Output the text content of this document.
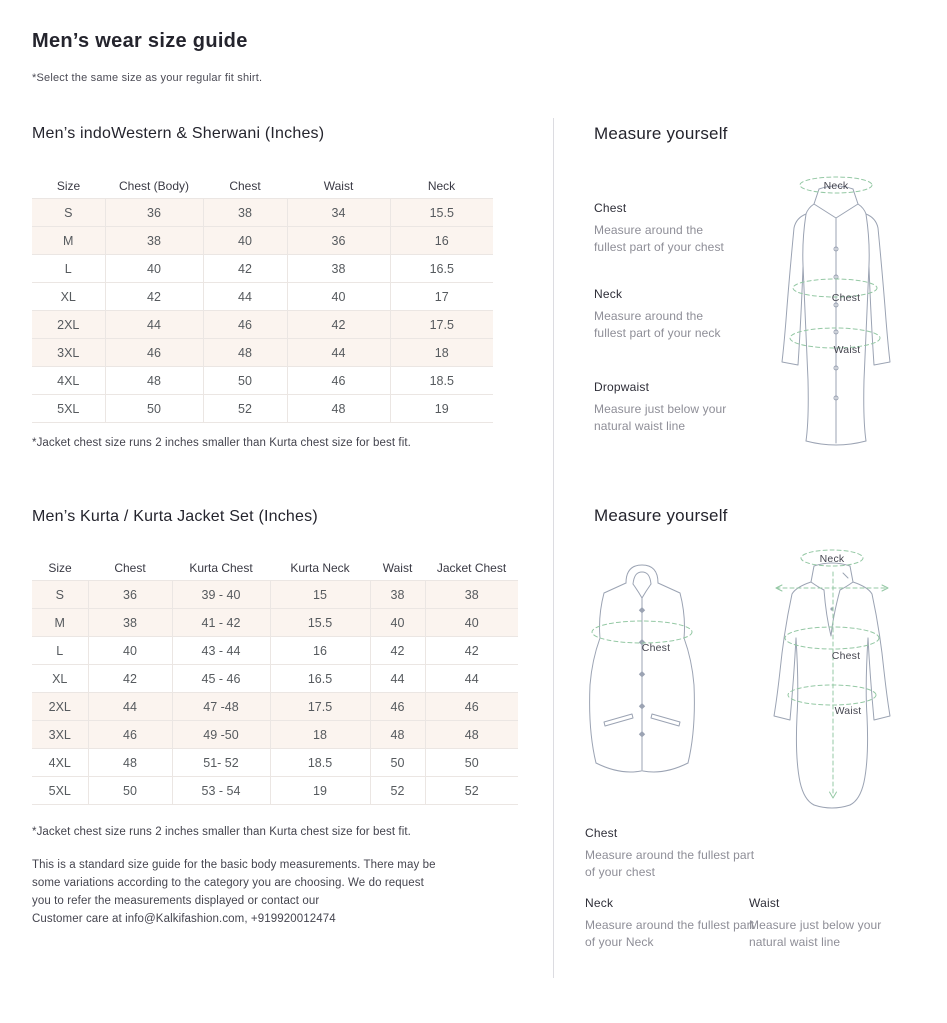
Men’s wear size guide
*Select the same size as your regular fit shirt.
Men’s indoWestern & Sherwani (Inches)
Size	Chest (Body)	Chest	Waist	Neck
S	36	38	34	15.5
M	38	40	36	16
L	40	42	38	16.5
XL	42	44	40	17
2XL	44	46	42	17.5
3XL	46	48	44	18
4XL	48	50	46	18.5
5XL	50	52	48	19
*Jacket chest size runs 2 inches smaller than Kurta chest size for best fit.
Men’s Kurta / Kurta Jacket Set (Inches)
Size	Chest	Kurta Chest	Kurta Neck	Waist	Jacket Chest
S	36	39 - 40	15	38	38
M	38	41 - 42	15.5	40	40
L	40	43 - 44	16	42	42
XL	42	45 - 46	16.5	44	44
2XL	44	47 -48	17.5	46	46
3XL	46	49 -50	18	48	48
4XL	48	51- 52	18.5	50	50
5XL	50	53 - 54	19	52	52
*Jacket chest size runs 2 inches smaller than Kurta chest size for best fit.
This is a standard size guide for the basic body measurements. There may be
some variations according to the category you are choosing. We do request
you to refer the measurements displayed or contact our
Customer care at info@Kalkifashion.com, +919920012474
Measure yourself
Chest
Measure around the fullest part of your chest
Neck
Measure around the fullest part of your neck
Dropwaist
Measure just below your natural waist line
Neck
Chest
Waist
Measure yourself
Chest
Neck
Chest
Waist
Chest
Measure around the fullest part of your chest
Neck
Measure around the fullest part of your Neck
Waist
Measure just below your natural waist line
